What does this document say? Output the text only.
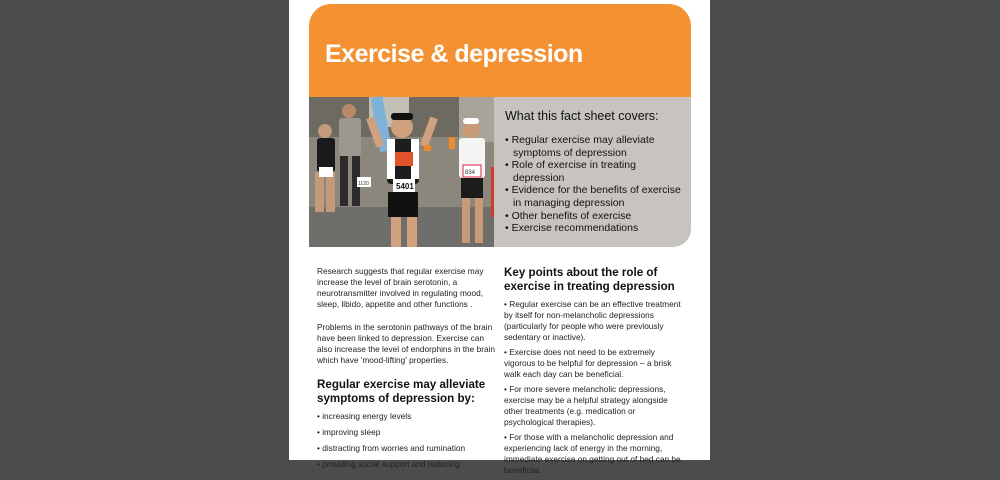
Exercise & depression
5401
834
1120
What this fact sheet covers:
• Regular exercise may alleviate symptoms of depression
• Role of exercise in treating depression
• Evidence for the benefits of exercise in managing depression
• Other benefits of exercise
• Exercise recommendations

Research suggests that regular exercise may increase the level of brain serotonin, a neurotransmitter involved in regulating mood, sleep, libido, appetite and other functions .

Problems in the serotonin pathways of the brain have been linked to depression. Exercise can also increase the level of endorphins in the brain which have 'mood-lifting' properties.

Regular exercise may alleviate symptoms of depression by:

• increasing energy levels

• improving sleep

• distracting from worries and rumination

• providing social support and reducing

Key points about the role of exercise in treating depression

• Regular exercise can be an effective treatment by itself for non-melancholic depressions (particularly for people who were previously sedentary or inactive).
• Exercise does not need to be extremely vigorous to be helpful for depression – a brisk walk each day can be beneficial.
• For more severe melancholic depressions, exercise may be a helpful strategy alongside other treatments (e.g. medication or psychological therapies).
• For those with a melancholic depression and experiencing lack of energy in the morning, immediate exercise on getting out of bed can be beneficial.
